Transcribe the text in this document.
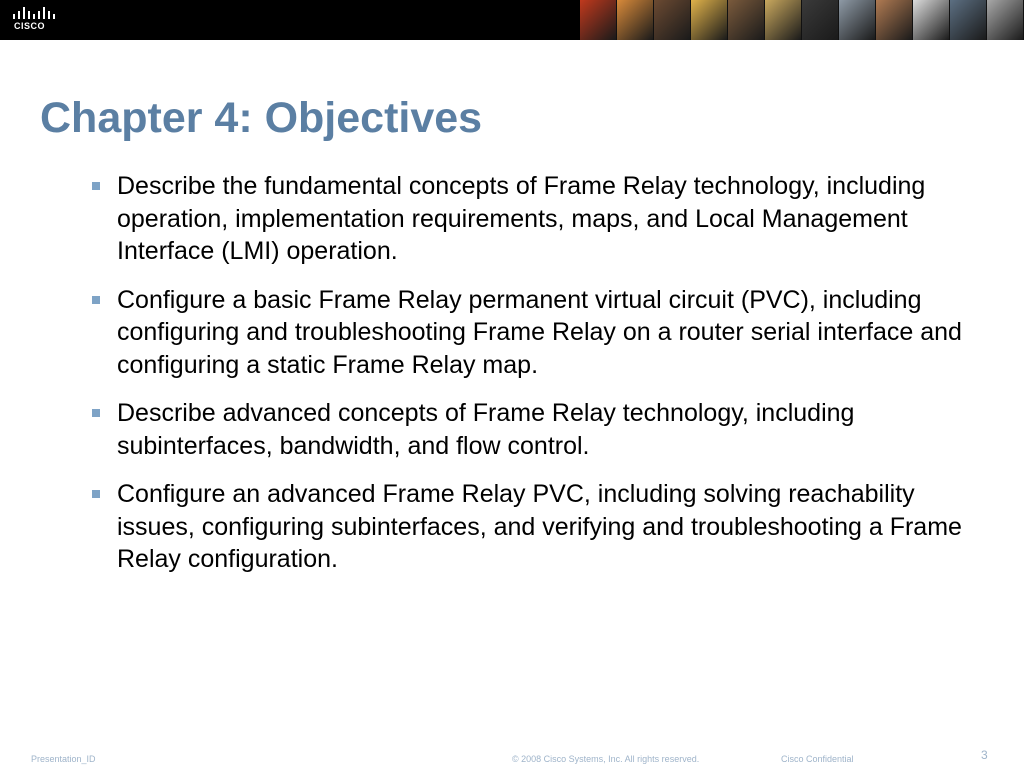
CISCO
Chapter 4: Objectives
Describe the fundamental concepts of Frame Relay technology, including operation, implementation requirements, maps, and Local Management Interface (LMI) operation.
Configure a basic Frame Relay permanent virtual circuit (PVC), including configuring and troubleshooting Frame Relay on a router serial interface and configuring a static Frame Relay map.
Describe advanced concepts of Frame Relay technology, including subinterfaces, bandwidth, and flow control.
Configure an advanced Frame Relay PVC, including solving reachability issues, configuring subinterfaces, and verifying and troubleshooting a Frame Relay configuration.
Presentation_ID	© 2008 Cisco Systems, Inc. All rights reserved.	Cisco Confidential	3
